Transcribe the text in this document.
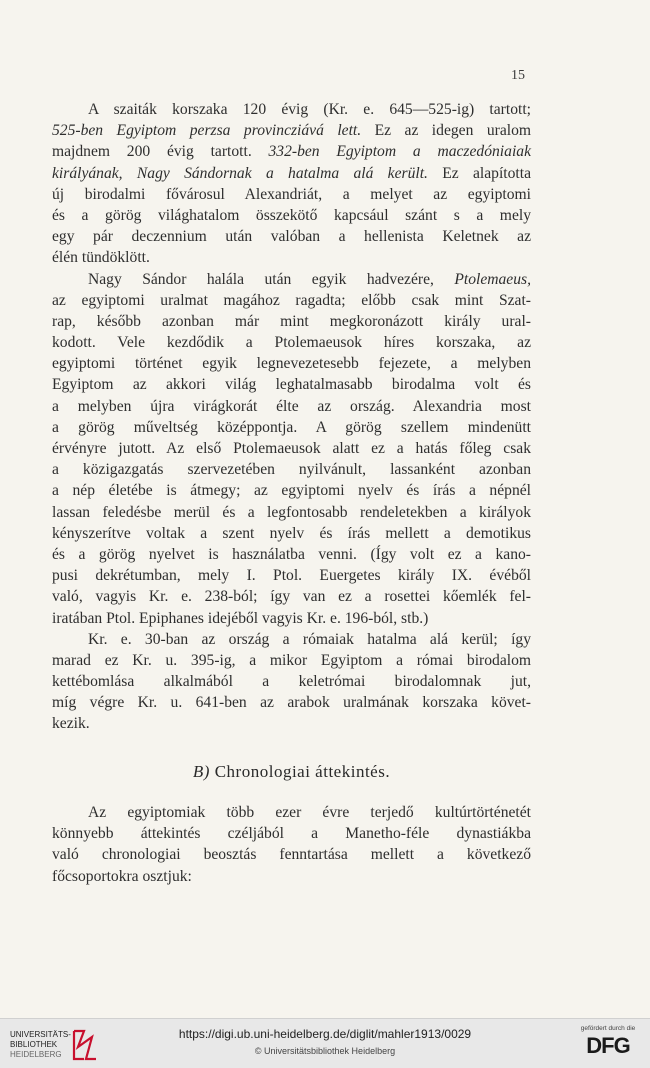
15
A szaiták korszaka 120 évig (Kr. e. 645—525-ig) tartott;
525-ben Egyiptom perzsa provincziává lett. Ez az idegen uralom
majdnem 200 évig tartott. 332-ben Egyiptom a maczedóniaiak
királyának, Nagy Sándornak a hatalma alá került. Ez alapította
új birodalmi fővárosul Alexandriát, a melyet az egyiptomi
és a görög világhatalom összekötő kapcsául szánt s a mely
egy pár deczennium után valóban a hellenista Keletnek az
élén tündöklött.
Nagy Sándor halála után egyik hadvezére, Ptolemaeus,
az egyiptomi uralmat magához ragadta; előbb csak mint Szat-
rap, később azonban már mint megkoronázott király ural-
kodott. Vele kezdődik a Ptolemaeusok híres korszaka, az
egyiptomi történet egyik legnevezetesebb fejezete, a melyben
Egyiptom az akkori világ leghatalmasabb birodalma volt és
a melyben újra virágkorát élte az ország. Alexandria most
a görög műveltség középpontja. A görög szellem mindenütt
érvényre jutott. Az első Ptolemaeusok alatt ez a hatás főleg csak
a közigazgatás szervezetében nyilvánult, lassanként azonban
a nép életébe is átmegy; az egyiptomi nyelv és írás a népnél
lassan feledésbe merül és a legfontosabb rendeletekben a királyok
kényszerítve voltak a szent nyelv és írás mellett a demotikus
és a görög nyelvet is használatba venni. (Így volt ez a kano-
pusi dekrétumban, mely I. Ptol. Euergetes király IX. évéből
való, vagyis Kr. e. 238-ból; így van ez a rosettei kőemlék fel-
iratában Ptol. Epiphanes idejéből vagyis Kr. e. 196-ból, stb.)
Kr. e. 30-ban az ország a rómaiak hatalma alá kerül; így
marad ez Kr. u. 395-ig, a mikor Egyiptom a római birodalom
kettébomlása alkalmából a keletrómai birodalomnak jut,
míg végre Kr. u. 641-ben az arabok uralmának korszaka követ-
kezik.
B) Chronologiai áttekintés.
Az egyiptomiak több ezer évre terjedő kultúrtörténetét
könnyebb áttekintés czéljából a Manetho-féle dynastiákba
való chronologiai beosztás fenntartása mellett a következő
főcsoportokra osztjuk:
UNIVERSITÄTS-
BIBLIOTHEK
HEIDELBERG
https://digi.ub.uni-heidelberg.de/diglit/mahler1913/0029
© Universitätsbibliothek Heidelberg
gefördert durch die
DFG
